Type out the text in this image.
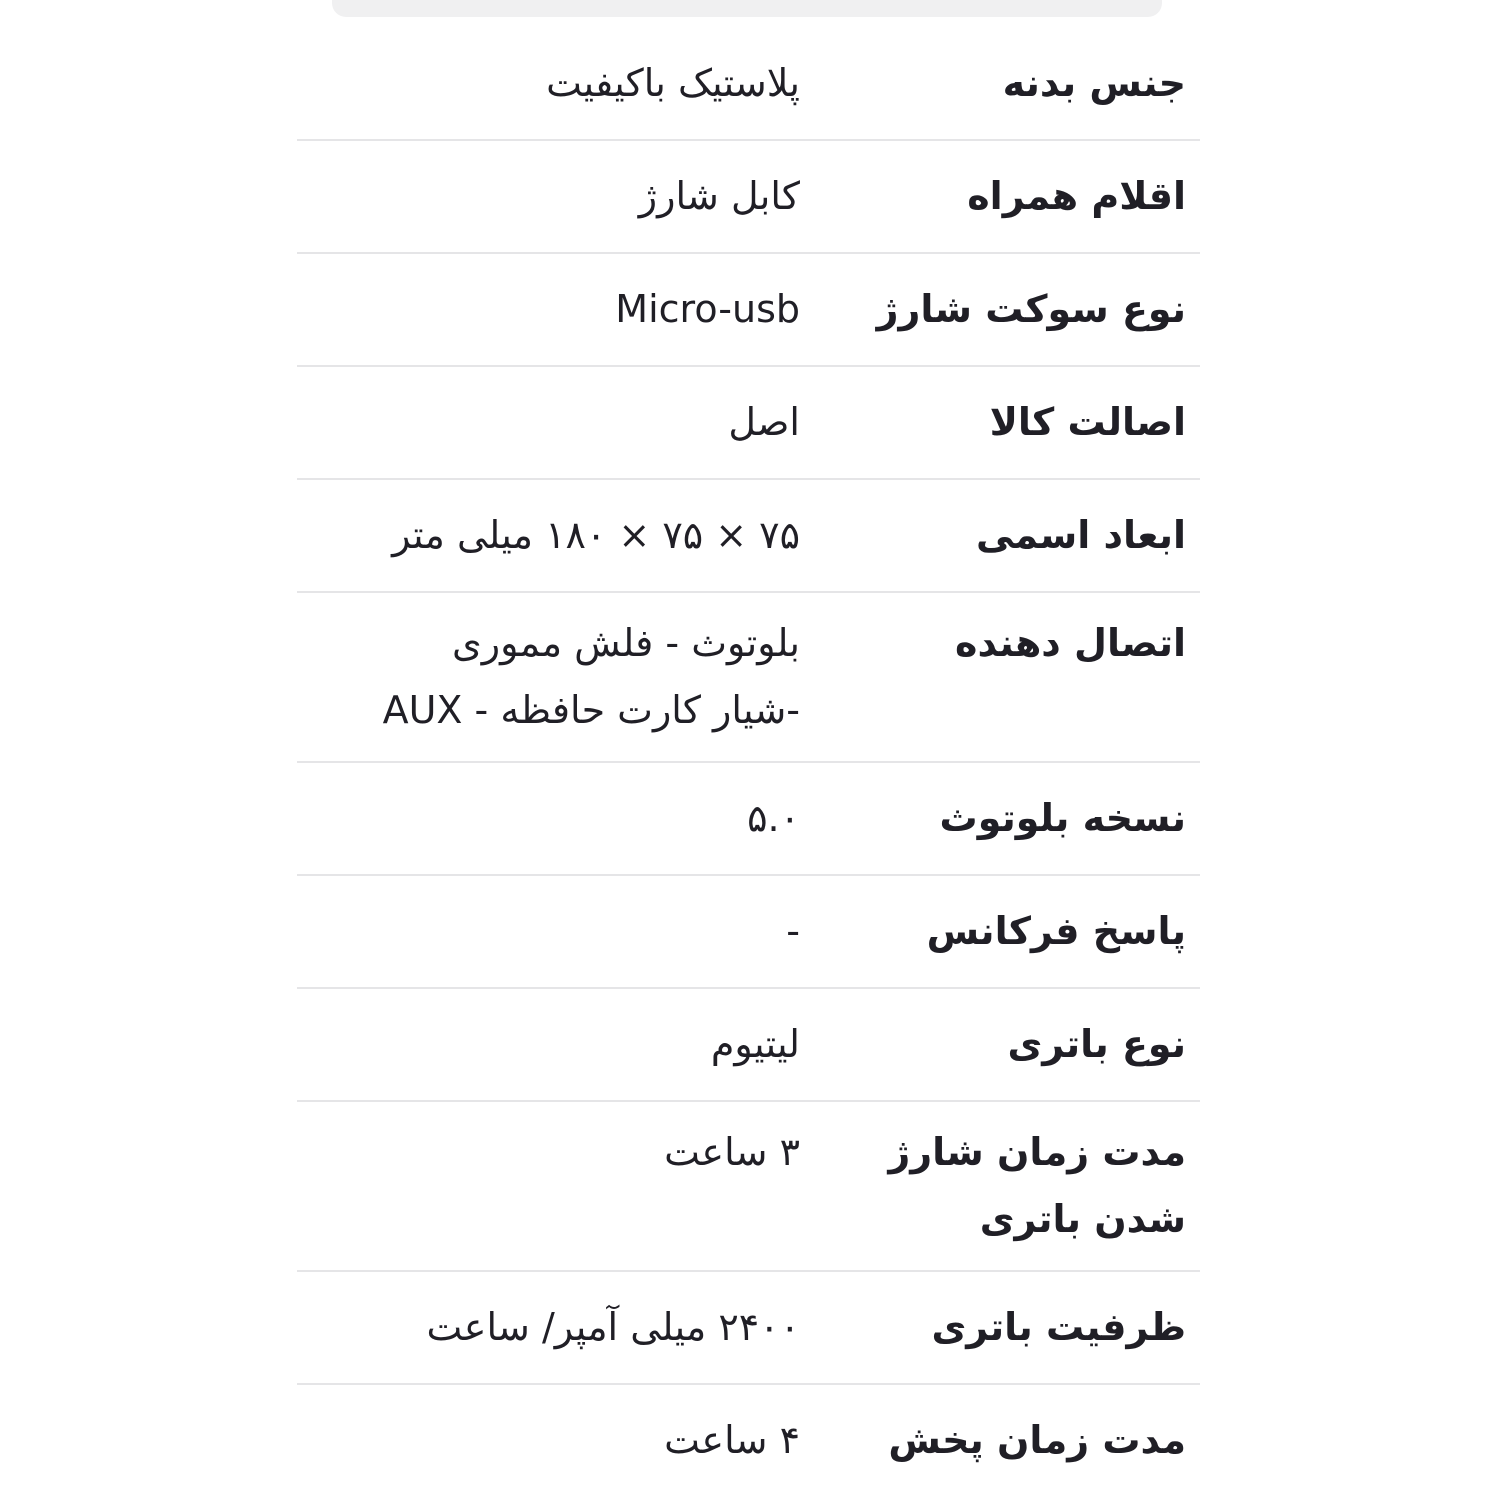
جنس بدنه
پلاستیک باکیفیت
اقلام همراه
کابل شارژ
نوع سوکت شارژ
Micro-usb
اصالت کالا
اصل
ابعاد اسمی
۷۵ × ۷۵ × ۱۸۰ میلی متر
اتصال دهنده
بلوتوث - فلش مموری
-شیار کارت حافظه - AUX
نسخه بلوتوث
۵.۰
پاسخ فرکانس
-
نوع باتری
لیتیوم
مدت زمان شارژ
شدن باتری
۳ ساعت
ظرفیت باتری
۲۴۰۰ میلی آمپر/ ساعت
مدت زمان پخش
۴ ساعت
